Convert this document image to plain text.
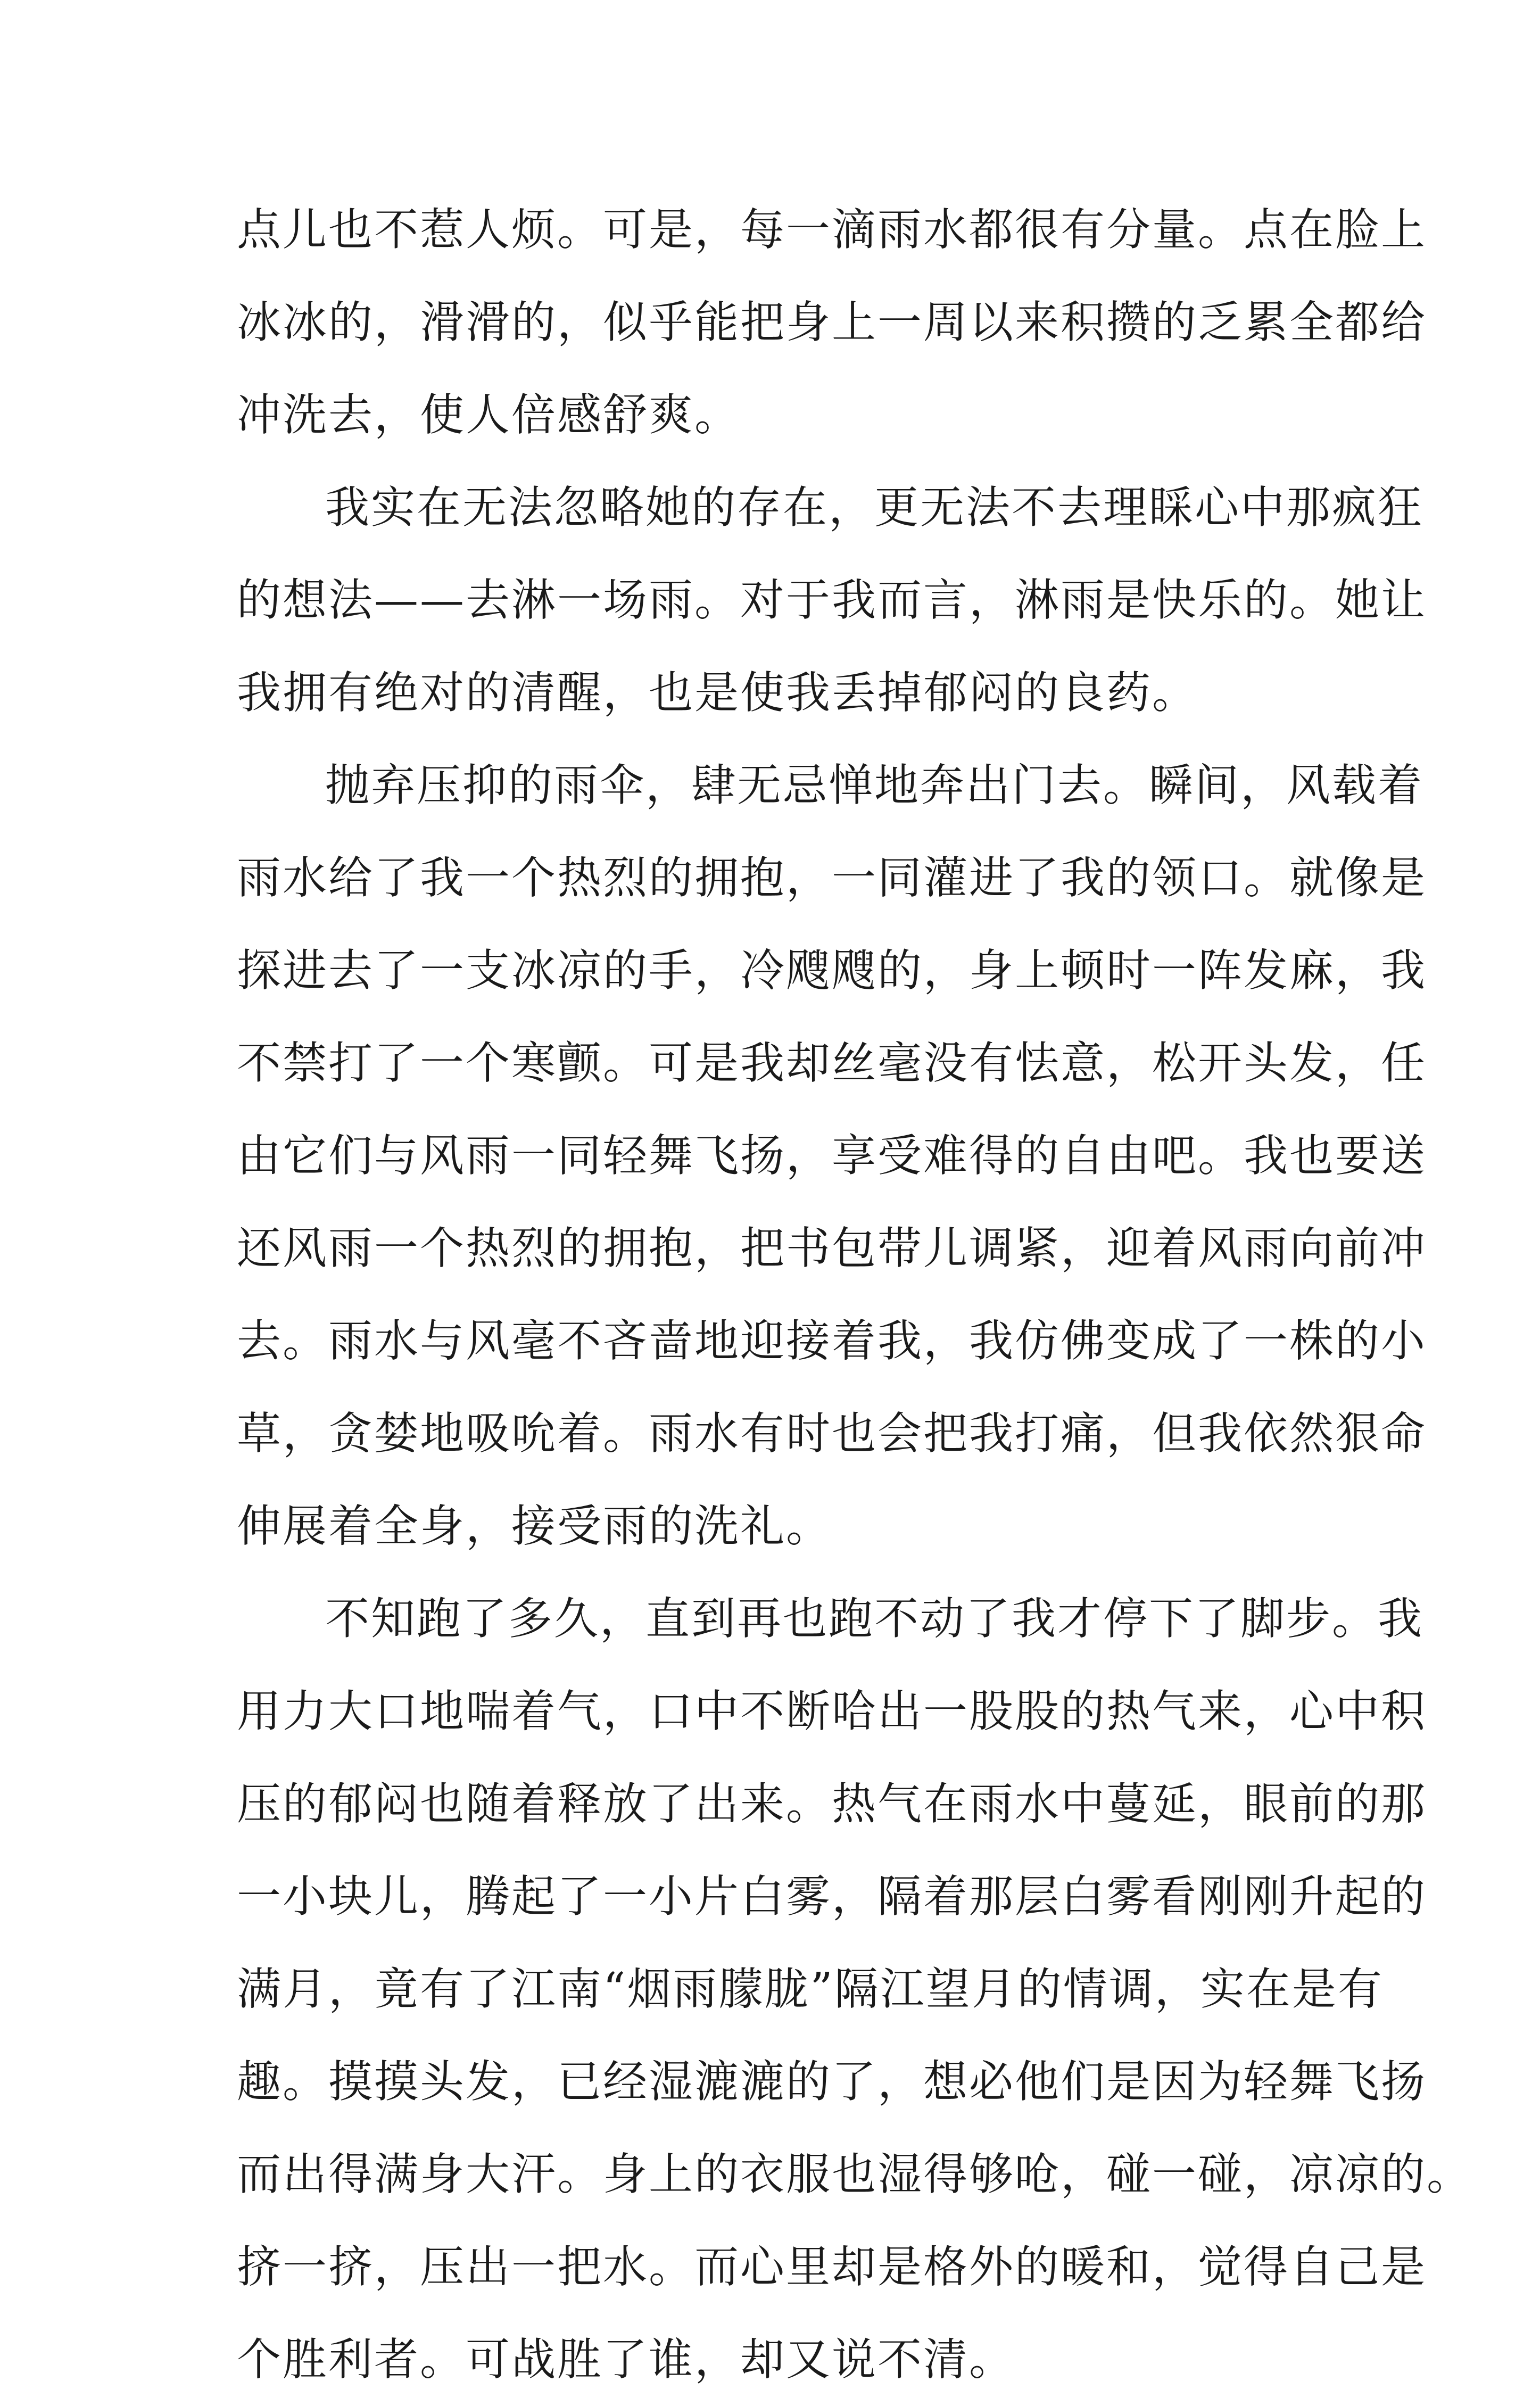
点儿也不惹人烦。可是，每一滴雨水都很有分量。点在脸上
冰冰的，滑滑的，似乎能把身上一周以来积攒的乏累全都给
冲洗去，使人倍感舒爽。
我实在无法忽略她的存在，更无法不去理睬心中那疯狂
的想法——去淋一场雨。对于我而言，淋雨是快乐的。她让
我拥有绝对的清醒，也是使我丢掉郁闷的良药。
抛弃压抑的雨伞，肆无忌惮地奔出门去。瞬间，风载着
雨水给了我一个热烈的拥抱，一同灌进了我的领口。就像是
探进去了一支冰凉的手，冷飕飕的，身上顿时一阵发麻，我
不禁打了一个寒颤。可是我却丝毫没有怯意，松开头发，任
由它们与风雨一同轻舞飞扬，享受难得的自由吧。我也要送
还风雨一个热烈的拥抱，把书包带儿调紧，迎着风雨向前冲
去。雨水与风毫不吝啬地迎接着我，我仿佛变成了一株的小
草，贪婪地吸吮着。雨水有时也会把我打痛，但我依然狠命
伸展着全身，接受雨的洗礼。
不知跑了多久，直到再也跑不动了我才停下了脚步。我
用力大口地喘着气，口中不断哈出一股股的热气来，心中积
压的郁闷也随着释放了出来。热气在雨水中蔓延，眼前的那
一小块儿，腾起了一小片白雾，隔着那层白雾看刚刚升起的
满月，竟有了江南“烟雨朦胧”隔江望月的情调，实在是有
趣。摸摸头发，已经湿漉漉的了，想必他们是因为轻舞飞扬
而出得满身大汗。身上的衣服也湿得够呛，碰一碰，凉凉的。
挤一挤，压出一把水。而心里却是格外的暖和，觉得自己是
个胜利者。可战胜了谁，却又说不清。
